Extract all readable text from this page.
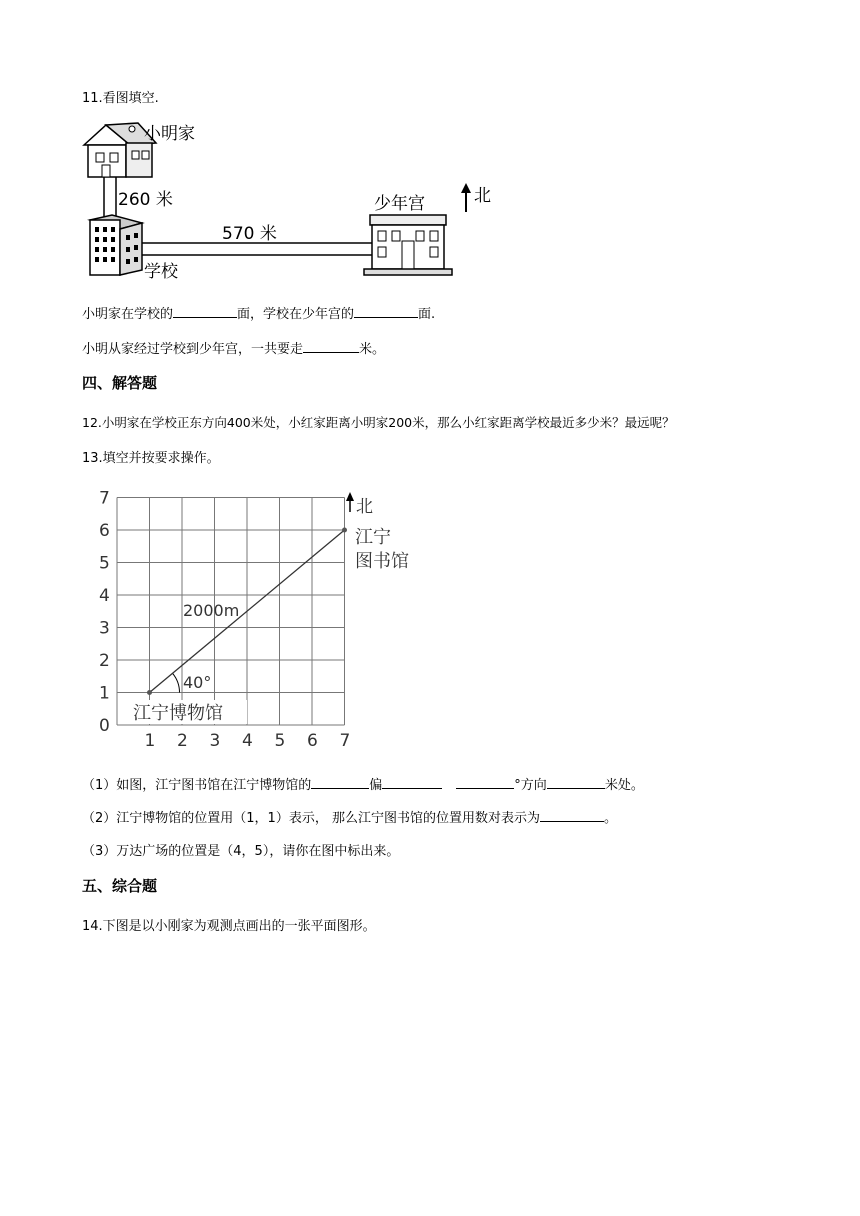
11.看图填空.
北
小明家
260 米
570 米
少年宫
学校
小明家在学校的	面，学校在少年宫的	面.
小明从家经过学校到少年宫，一共要走	米。
四、解答题
12.小明家在学校正东方向400米处，小红家距离小明家200米，那么小红家距离学校最近多少米？最远呢？
13.填空并按要求操作。
0
1
2
3
4
5
6
7
1 2 3 4 5 6 7
北
江宁
图书馆
2000m
40°
江宁博物馆
（1）如图，江宁图书馆在江宁博物馆的	偏	°方向	米处。
（2）江宁博物馆的位置用（1，1）表示， 那么江宁图书馆的位置用数对表示为	。
（3）万达广场的位置是（4，5），请你在图中标出来。
五、综合题
14.下图是以小刚家为观测点画出的一张平面图形。
